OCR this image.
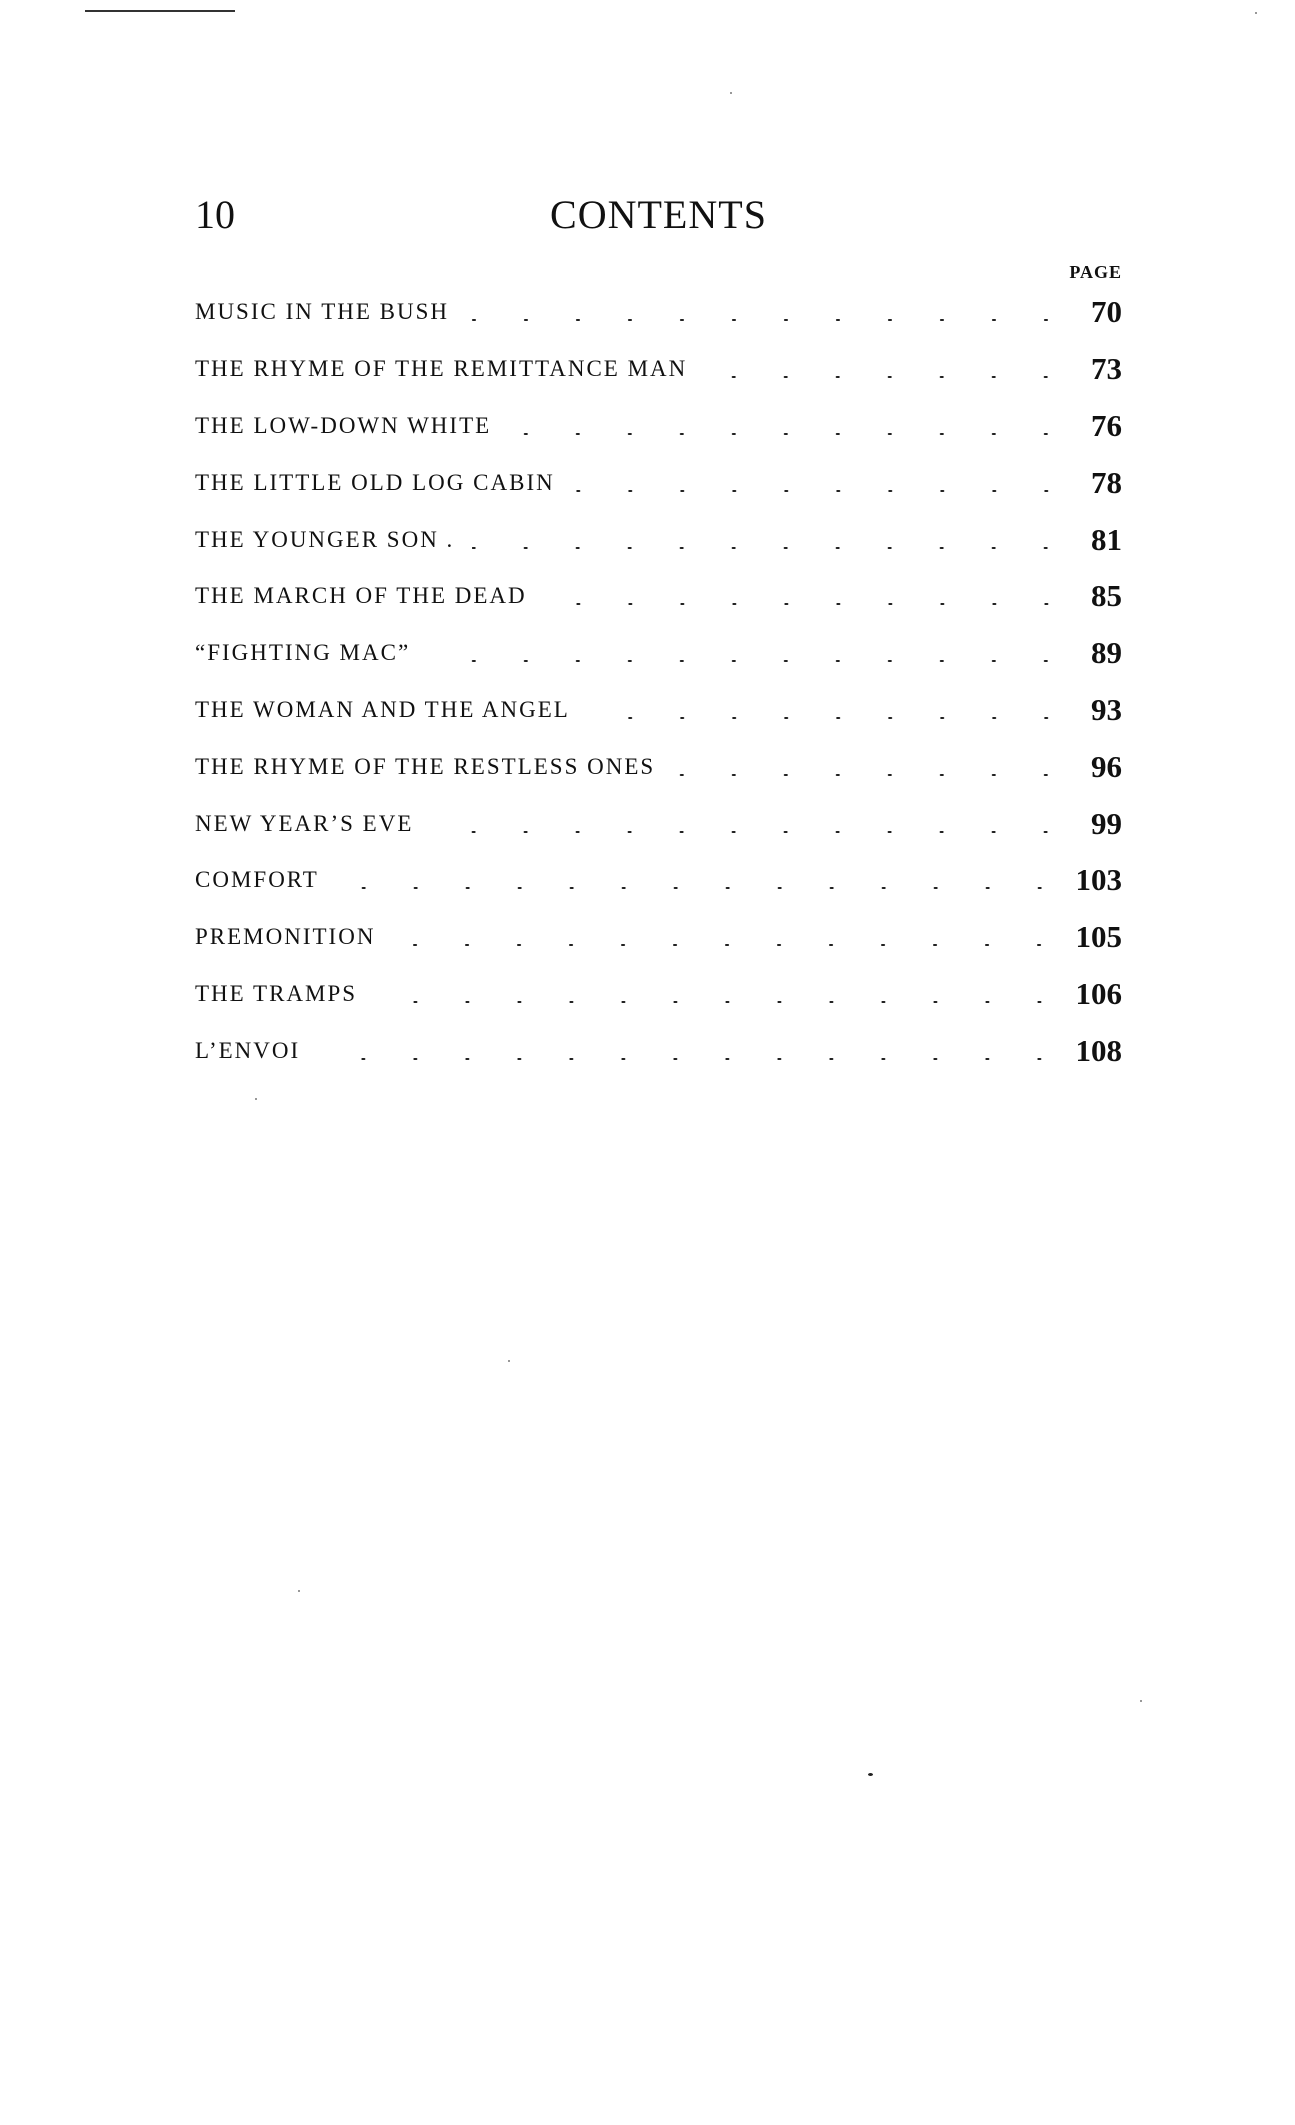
10	CONTENTS
PAGE
MUSIC IN THE BUSH	70
THE RHYME OF THE REMITTANCE MAN	73
THE LOW-DOWN WHITE	76
THE LITTLE OLD LOG CABIN	78
THE YOUNGER SON .	81
THE MARCH OF THE DEAD	85
“FIGHTING MAC”	89
THE WOMAN AND THE ANGEL	93
THE RHYME OF THE RESTLESS ONES	96
NEW YEAR’S EVE	99
COMFORT	103
PREMONITION	105
THE TRAMPS	106
L’ENVOI	108
